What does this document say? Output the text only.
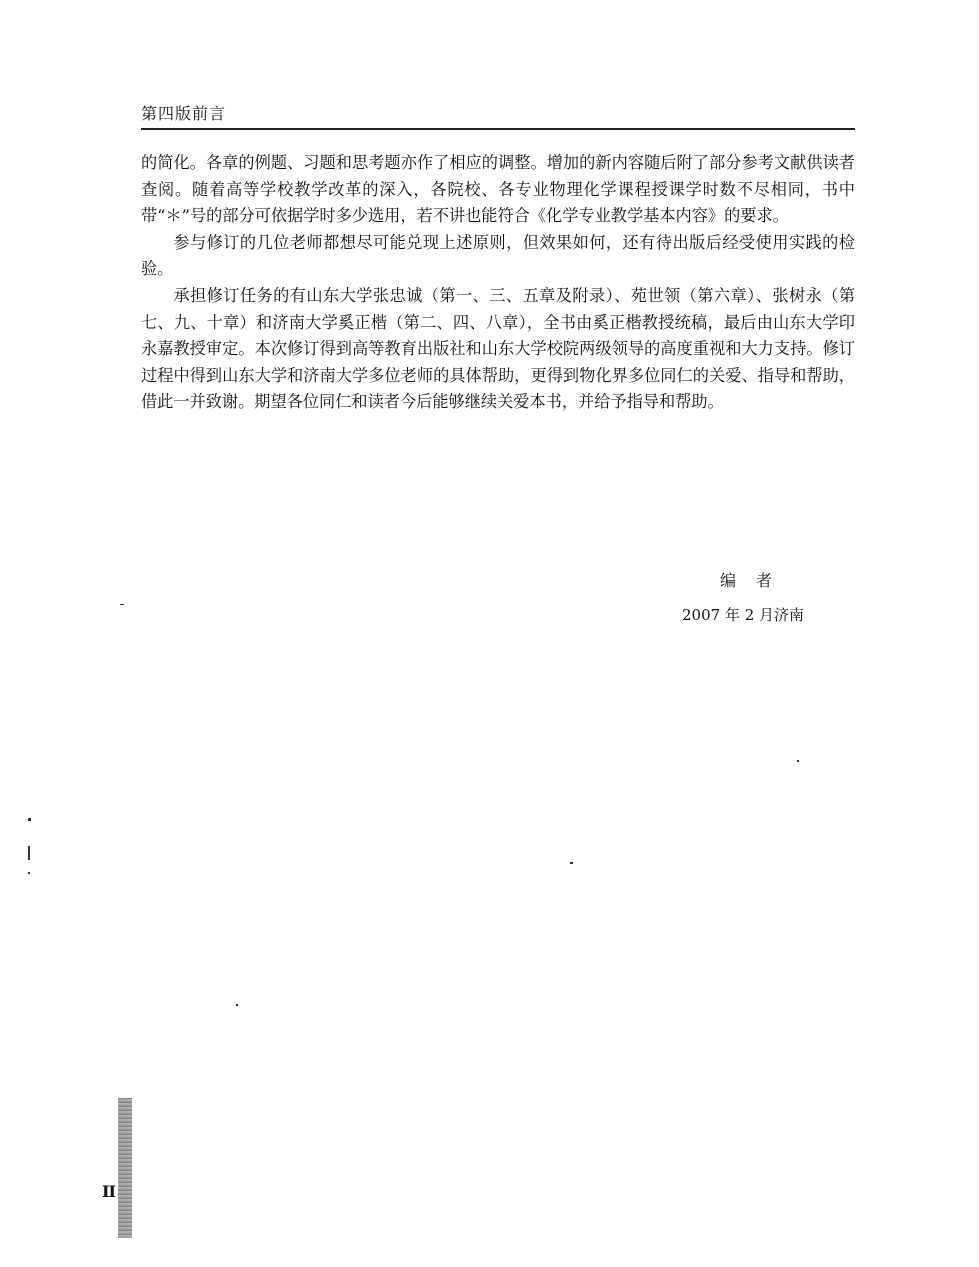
第四版前言

的简化。各章的例题、习题和思考题亦作了相应的调整。增加的新内容随后附了部分参考文献供读者查阅。随着高等学校教学改革的深入，各院校、各专业物理化学课程授课学时数不尽相同，书中带“＊”号的部分可依据学时多少选用，若不讲也能符合《化学专业教学基本内容》的要求。

参与修订的几位老师都想尽可能兑现上述原则，但效果如何，还有待出版后经受使用实践的检验。

承担修订任务的有山东大学张忠诚（第一、三、五章及附录）、苑世领（第六章）、张树永（第七、九、十章）和济南大学奚正楷（第二、四、八章），全书由奚正楷教授统稿，最后由山东大学印永嘉教授审定。本次修订得到高等教育出版社和山东大学校院两级领导的高度重视和大力支持。修订过程中得到山东大学和济南大学多位老师的具体帮助，更得到物化界多位同仁的关爱、指导和帮助，借此一并致谢。期望各位同仁和读者今后能够继续关爱本书，并给予指导和帮助。

编者
2007 年 2 月济南
II
